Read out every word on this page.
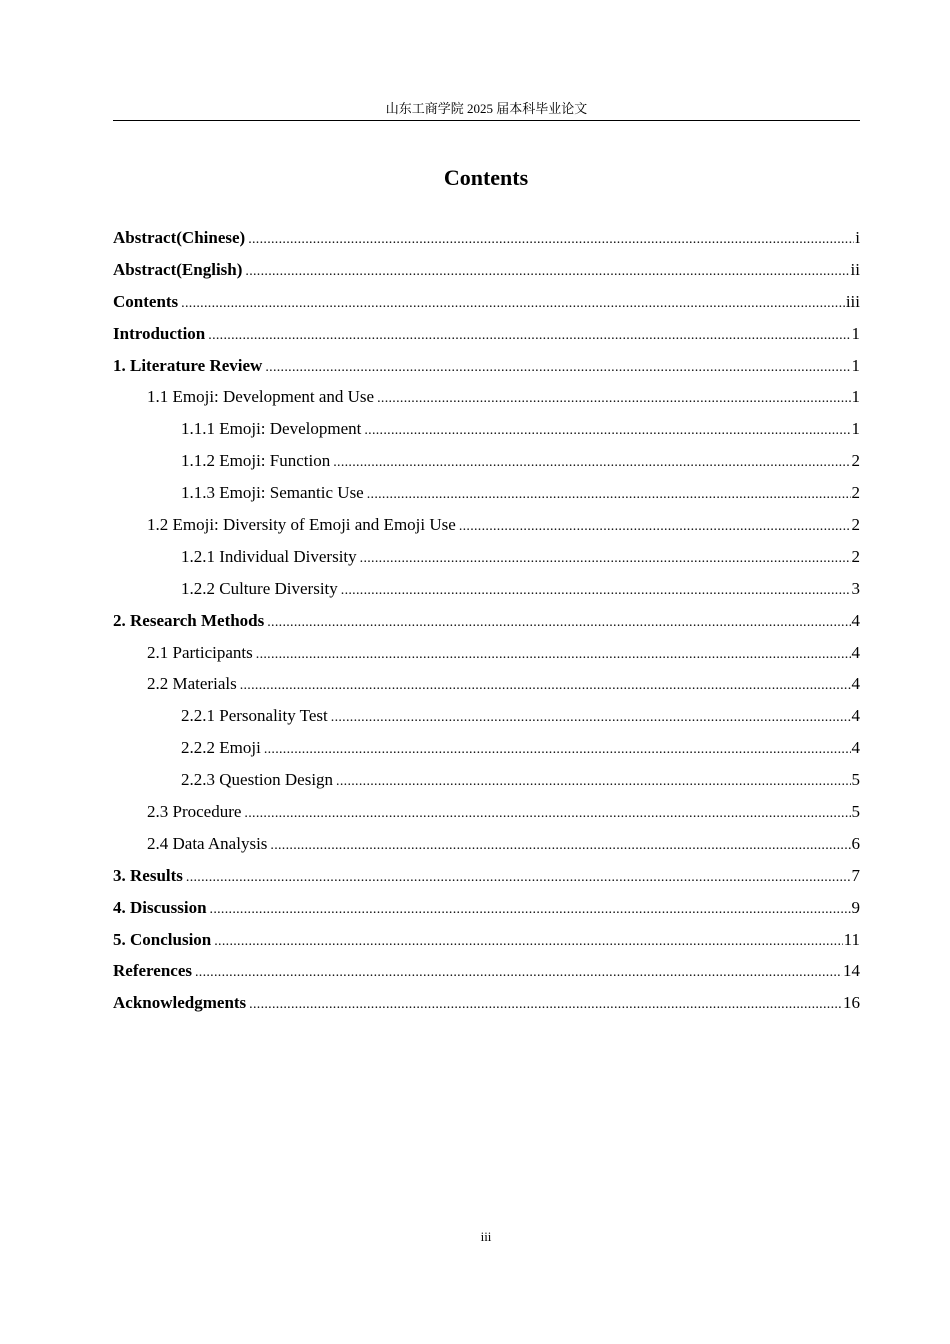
山东工商学院 2025 届本科毕业论文
Contents
Abstract(Chinese) .....	i
Abstract(English) .....	ii
Contents .....	iii
Introduction .....	1
1. Literature Review .....	1
1.1 Emoji: Development and Use .....	1
1.1.1 Emoji: Development .....	1
1.1.2 Emoji: Function .....	2
1.1.3 Emoji: Semantic Use .....	2
1.2 Emoji: Diversity of Emoji and Emoji Use .....	2
1.2.1 Individual Diversity .....	2
1.2.2 Culture Diversity .....	3
2. Research Methods .....	4
2.1 Participants .....	4
2.2 Materials .....	4
2.2.1 Personality Test .....	4
2.2.2 Emoji .....	4
2.2.3 Question Design .....	5
2.3 Procedure .....	5
2.4 Data Analysis .....	6
3. Results .....	7
4. Discussion .....	9
5. Conclusion .....	11
References .....	14
Acknowledgments .....	16
iii
